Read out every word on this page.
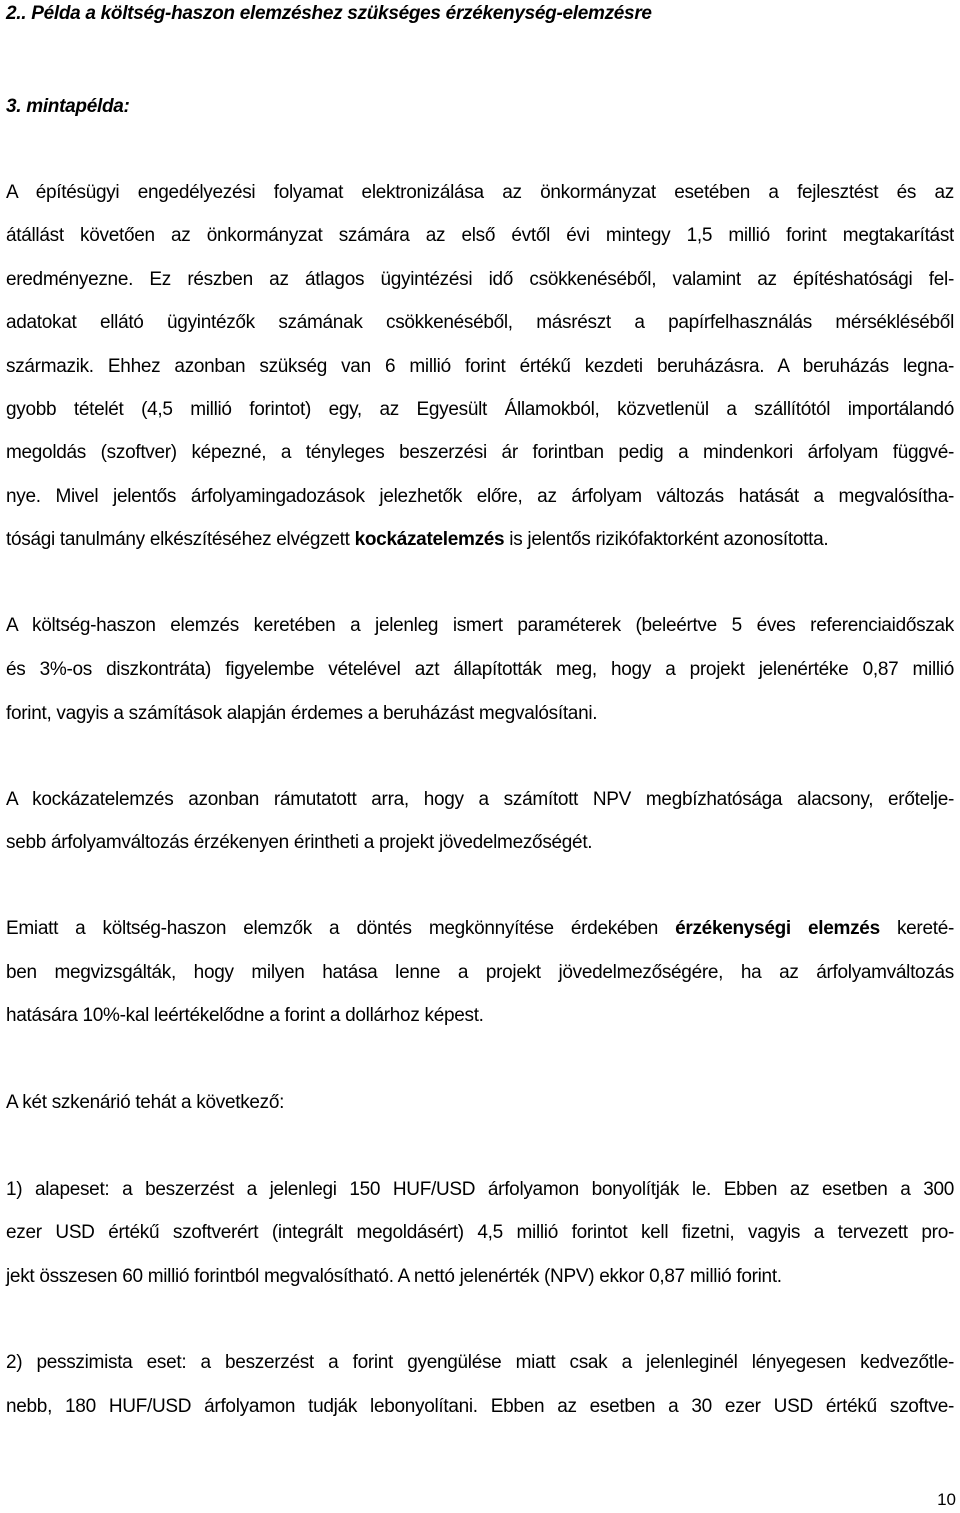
2.. Példa a költség-haszon elemzéshez szükséges érzékenység-elemzésre
3. mintapélda:
A építésügyi engedélyezési folyamat elektronizálása az önkormányzat esetében a fejlesztést és az
átállást követően az önkormányzat számára az első évtől évi mintegy 1,5 millió forint megtakarítást
eredményezne. Ez részben az átlagos ügyintézési idő csökkenéséből, valamint az építéshatósági fel-
adatokat ellátó ügyintézők számának csökkenéséből, másrészt a papírfelhasználás mérsékléséből
származik. Ehhez azonban szükség van 6 millió forint értékű kezdeti beruházásra. A beruházás legna-
gyobb tételét (4,5 millió forintot) egy, az Egyesült Államokból, közvetlenül a szállítótól importálandó
megoldás (szoftver) képezné, a tényleges beszerzési ár forintban pedig a mindenkori árfolyam függvé-
nye. Mivel jelentős árfolyamingadozások jelezhetők előre, az árfolyam változás hatását a megvalósítha-
tósági tanulmány elkészítéséhez elvégzett kockázatelemzés is jelentős rizikófaktorként azonosította.
A költség-haszon elemzés keretében a jelenleg ismert paraméterek (beleértve 5 éves referenciaidőszak
és 3%-os diszkontráta) figyelembe vételével azt állapították meg, hogy a projekt jelenértéke 0,87 millió
forint, vagyis a számítások alapján érdemes a beruházást megvalósítani.
A kockázatelemzés azonban rámutatott arra, hogy a számított NPV megbízhatósága alacsony, erőtelje-
sebb árfolyamváltozás érzékenyen érintheti a projekt jövedelmezőségét.
Emiatt a költség-haszon elemzők a döntés megkönnyítése érdekében érzékenységi elemzés kereté-
ben megvizsgálták, hogy milyen hatása lenne a projekt jövedelmezőségére, ha az árfolyamváltozás
hatására 10%-kal leértékelődne a forint a dollárhoz képest.
A két szkenárió tehát a következő:
1) alapeset: a beszerzést a jelenlegi 150 HUF/USD árfolyamon bonyolítják le. Ebben az esetben a 300
ezer USD értékű szoftverért (integrált megoldásért) 4,5 millió forintot kell fizetni, vagyis a tervezett pro-
jekt összesen 60 millió forintból megvalósítható. A nettó jelenérték (NPV) ekkor 0,87 millió forint.
2) pesszimista eset: a beszerzést a forint gyengülése miatt csak a jelenleginél lényegesen kedvezőtle-
nebb, 180 HUF/USD árfolyamon tudják lebonyolítani. Ebben az esetben a 30 ezer USD értékű szoftve-
10
